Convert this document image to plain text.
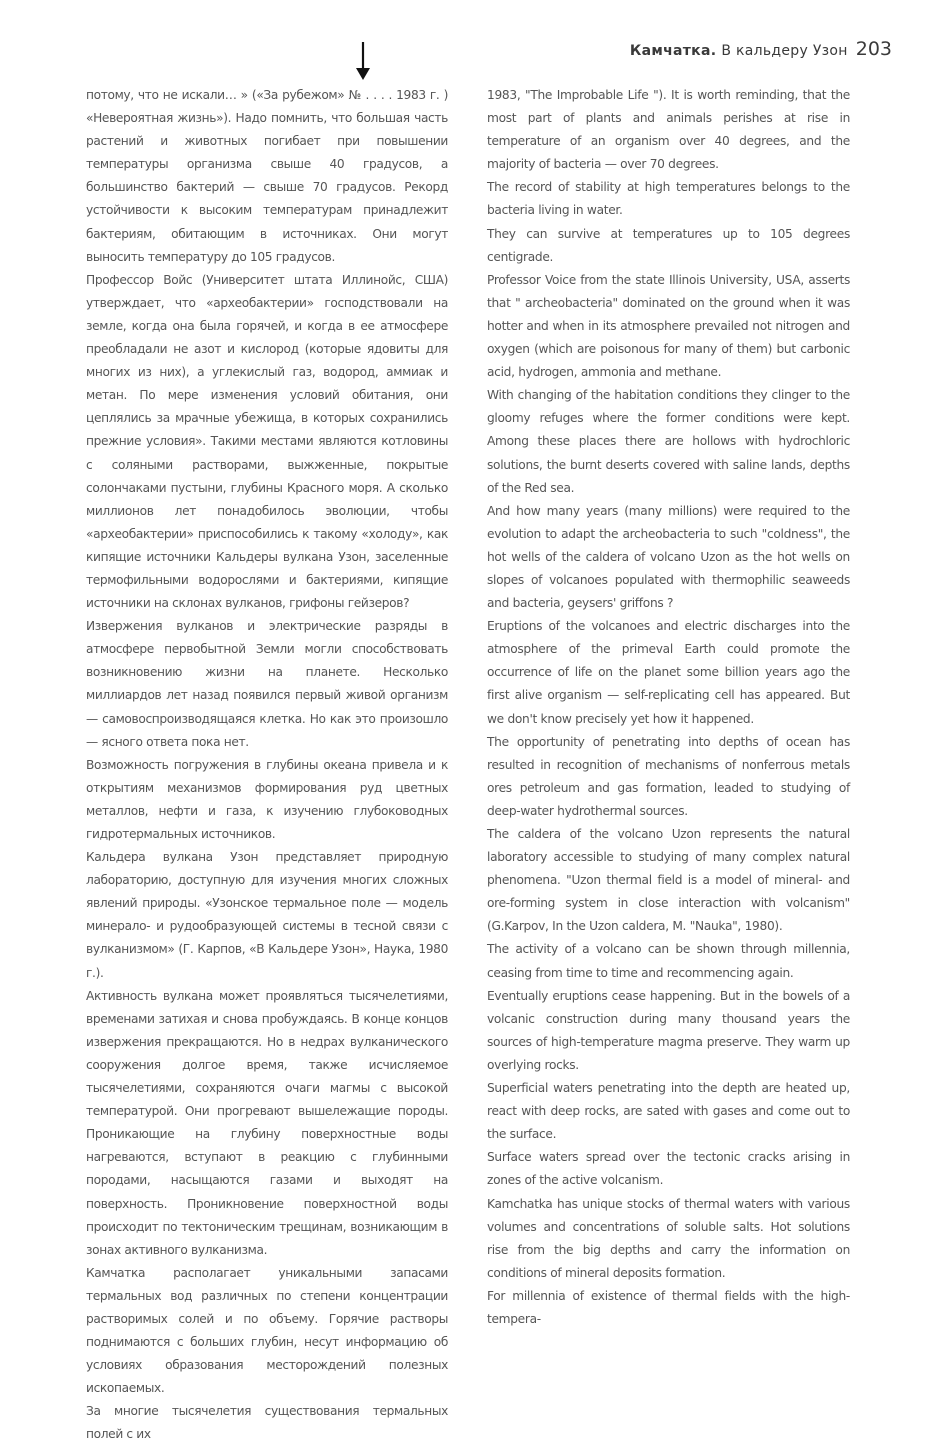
Камчатка. В кальдеру Узон 203

потому, что не искали… » («За рубежом» № . . . . 1983 г. ) «Невероятная жизнь»). Надо помнить, что большая часть растений и животных погибает при повышении температуры организма свыше 40 градусов, а большинство бактерий — свыше 70 градусов. Рекорд устойчивости к высоким температурам принадлежит бактериям, обитающим в источниках. Они могут выносить температуру до 105 градусов.

Профессор Войс (Университет штата Иллинойс, США) утверждает, что «археобактерии» господствовали на земле, когда она была горячей, и когда в ее атмосфере преобладали не азот и кислород (которые ядовиты для многих из них), а углекислый газ, водород, аммиак и метан. По мере изменения условий обитания, они цеплялись за мрачные убежища, в которых сохранились прежние условия». Такими местами являются котловины с соляными растворами, выжженные, покрытые солончаками пустыни, глубины Красного моря. А сколько миллионов лет понадобилось эволюции, чтобы «археобактерии» приспособились к такому «холоду», как кипящие источники Кальдеры вулкана Узон, заселенные термофильными водорослями и бактериями, кипящие источники на склонах вулканов, грифоны гейзеров?

Извержения вулканов и электрические разряды в атмосфере первобытной Земли могли способствовать возникновению жизни на планете. Несколько миллиардов лет назад появился первый живой организм — самовоспроизводящаяся клетка. Но как это произошло — ясного ответа пока нет.

Возможность погружения в глубины океана привела и к открытиям механизмов формирования руд цветных металлов, нефти и газа, к изучению глубоководных гидротермальных источников.

Кальдера вулкана Узон представляет природную лабораторию, доступную для изучения многих сложных явлений природы. «Узонское термальное поле — модель минерало- и рудообразующей системы в тесной связи с вулканизмом» (Г. Карпов, «В Кальдере Узон», Наука, 1980 г.).

Активность вулкана может проявляться тысячелетиями, временами затихая и снова пробуждаясь. В конце концов извержения прекращаются. Но в недрах вулканического сооружения долгое время, также исчисляемое тысячелетиями, сохраняются очаги магмы с высокой температурой. Они прогревают вышележащие породы. Проникающие на глубину поверхностные воды нагреваются, вступают в реакцию с глубинными породами, насыщаются газами и выходят на поверхность. Проникновение поверхностной воды происходит по тектоническим трещинам, возникающим в зонах активного вулканизма.

Камчатка располагает уникальными запасами термальных вод различных по степени концентрации растворимых солей и по объему. Горячие растворы поднимаются с больших глубин, несут информацию об условиях образования месторождений полезных ископаемых.

За многие тысячелетия существования термальных полей с их

1983, "The Improbable Life "). It is worth reminding, that the most part of plants and animals perishes at rise in temperature of an organism over 40 degrees, and the majority of bacteria — over 70 degrees.

The record of stability at high temperatures belongs to the bacteria living in water.

They can survive at temperatures up to 105 degrees centigrade.

Professor Voice from the state Illinois University, USA, asserts that " archeobacteria" dominated on the ground when it was hotter and when in its atmosphere prevailed not nitrogen and oxygen (which are poisonous for many of them) but carbonic acid, hydrogen, ammonia and methane.

With changing of the habitation conditions they clinger to the gloomy refuges where the former conditions were kept. Among these places there are hollows with hydrochloric solutions, the burnt deserts covered with saline lands, depths of the Red sea.

And how many years (many millions) were required to the evolution to adapt the archeobacteria to such "coldness", the hot wells of the caldera of volcano Uzon as the hot wells on slopes of volcanoes populated with thermophilic seaweeds and bacteria, geysers' griffons ?

Eruptions of the volcanoes and electric discharges into the atmosphere of the primeval Earth could promote the occurrence of life on the planet some billion years ago the first alive organism — self-replicating cell has appeared. But we don't know precisely yet how it happened.

The opportunity of penetrating into depths of ocean has resulted in recognition of mechanisms of nonferrous metals ores petroleum and gas formation, leaded to studying of deep-water hydrothermal sources.

The caldera of the volcano Uzon represents the natural laboratory accessible to studying of many complex natural phenomena. "Uzon thermal field is a model of mineral- and ore-forming system in close interaction with volcanism" (G.Karpov, In the Uzon caldera, M. "Nauka", 1980).

The activity of a volcano can be shown through millennia, ceasing from time to time and recommencing again.

Eventually eruptions cease happening. But in the bowels of a volcanic construction during many thousand years the sources of high-temperature magma preserve. They warm up overlying rocks.

Superficial waters penetrating into the depth are heated up, react with deep rocks, are sated with gases and come out to the surface.

Surface waters spread over the tectonic cracks arising in zones of the active volcanism.

Kamchatka has unique stocks of thermal waters with various volumes and concentrations of soluble salts. Hot solutions rise from the big depths and carry the information on conditions of mineral deposits formation.

For millennia of existence of thermal fields with the high-tempera-
